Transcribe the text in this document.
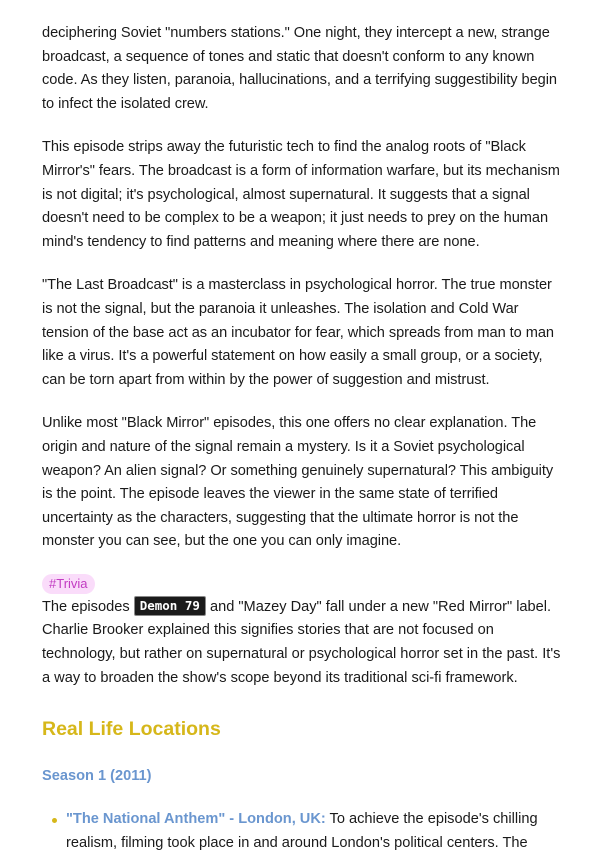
deciphering Soviet "numbers stations." One night, they intercept a new, strange broadcast, a sequence of tones and static that doesn't conform to any known code. As they listen, paranoia, hallucinations, and a terrifying suggestibility begin to infect the isolated crew.

This episode strips away the futuristic tech to find the analog roots of "Black Mirror's" fears. The broadcast is a form of information warfare, but its mechanism is not digital; it's psychological, almost supernatural. It suggests that a signal doesn't need to be complex to be a weapon; it just needs to prey on the human mind's tendency to find patterns and meaning where there are none.

"The Last Broadcast" is a masterclass in psychological horror. The true monster is not the signal, but the paranoia it unleashes. The isolation and Cold War tension of the base act as an incubator for fear, which spreads from man to man like a virus. It's a powerful statement on how easily a small group, or a society, can be torn apart from within by the power of suggestion and mistrust.

Unlike most "Black Mirror" episodes, this one offers no clear explanation. The origin and nature of the signal remain a mystery. Is it a Soviet psychological weapon? An alien signal? Or something genuinely supernatural? This ambiguity is the point. The episode leaves the viewer in the same state of terrified uncertainty as the characters, suggesting that the ultimate horror is not the monster you can see, but the one you can only imagine.

#Trivia

The episodes Demon 79 and "Mazey Day" fall under a new "Red Mirror" label. Charlie Brooker explained this signifies stories that are not focused on technology, but rather on supernatural or psychological horror set in the past. It's a way to broaden the show's scope beyond its traditional sci-fi framework.

Real Life Locations
Season 1 (2011)
"The National Anthem" - London, UK: To achieve the episode's chilling realism, filming took place in and around London's political centers. The
